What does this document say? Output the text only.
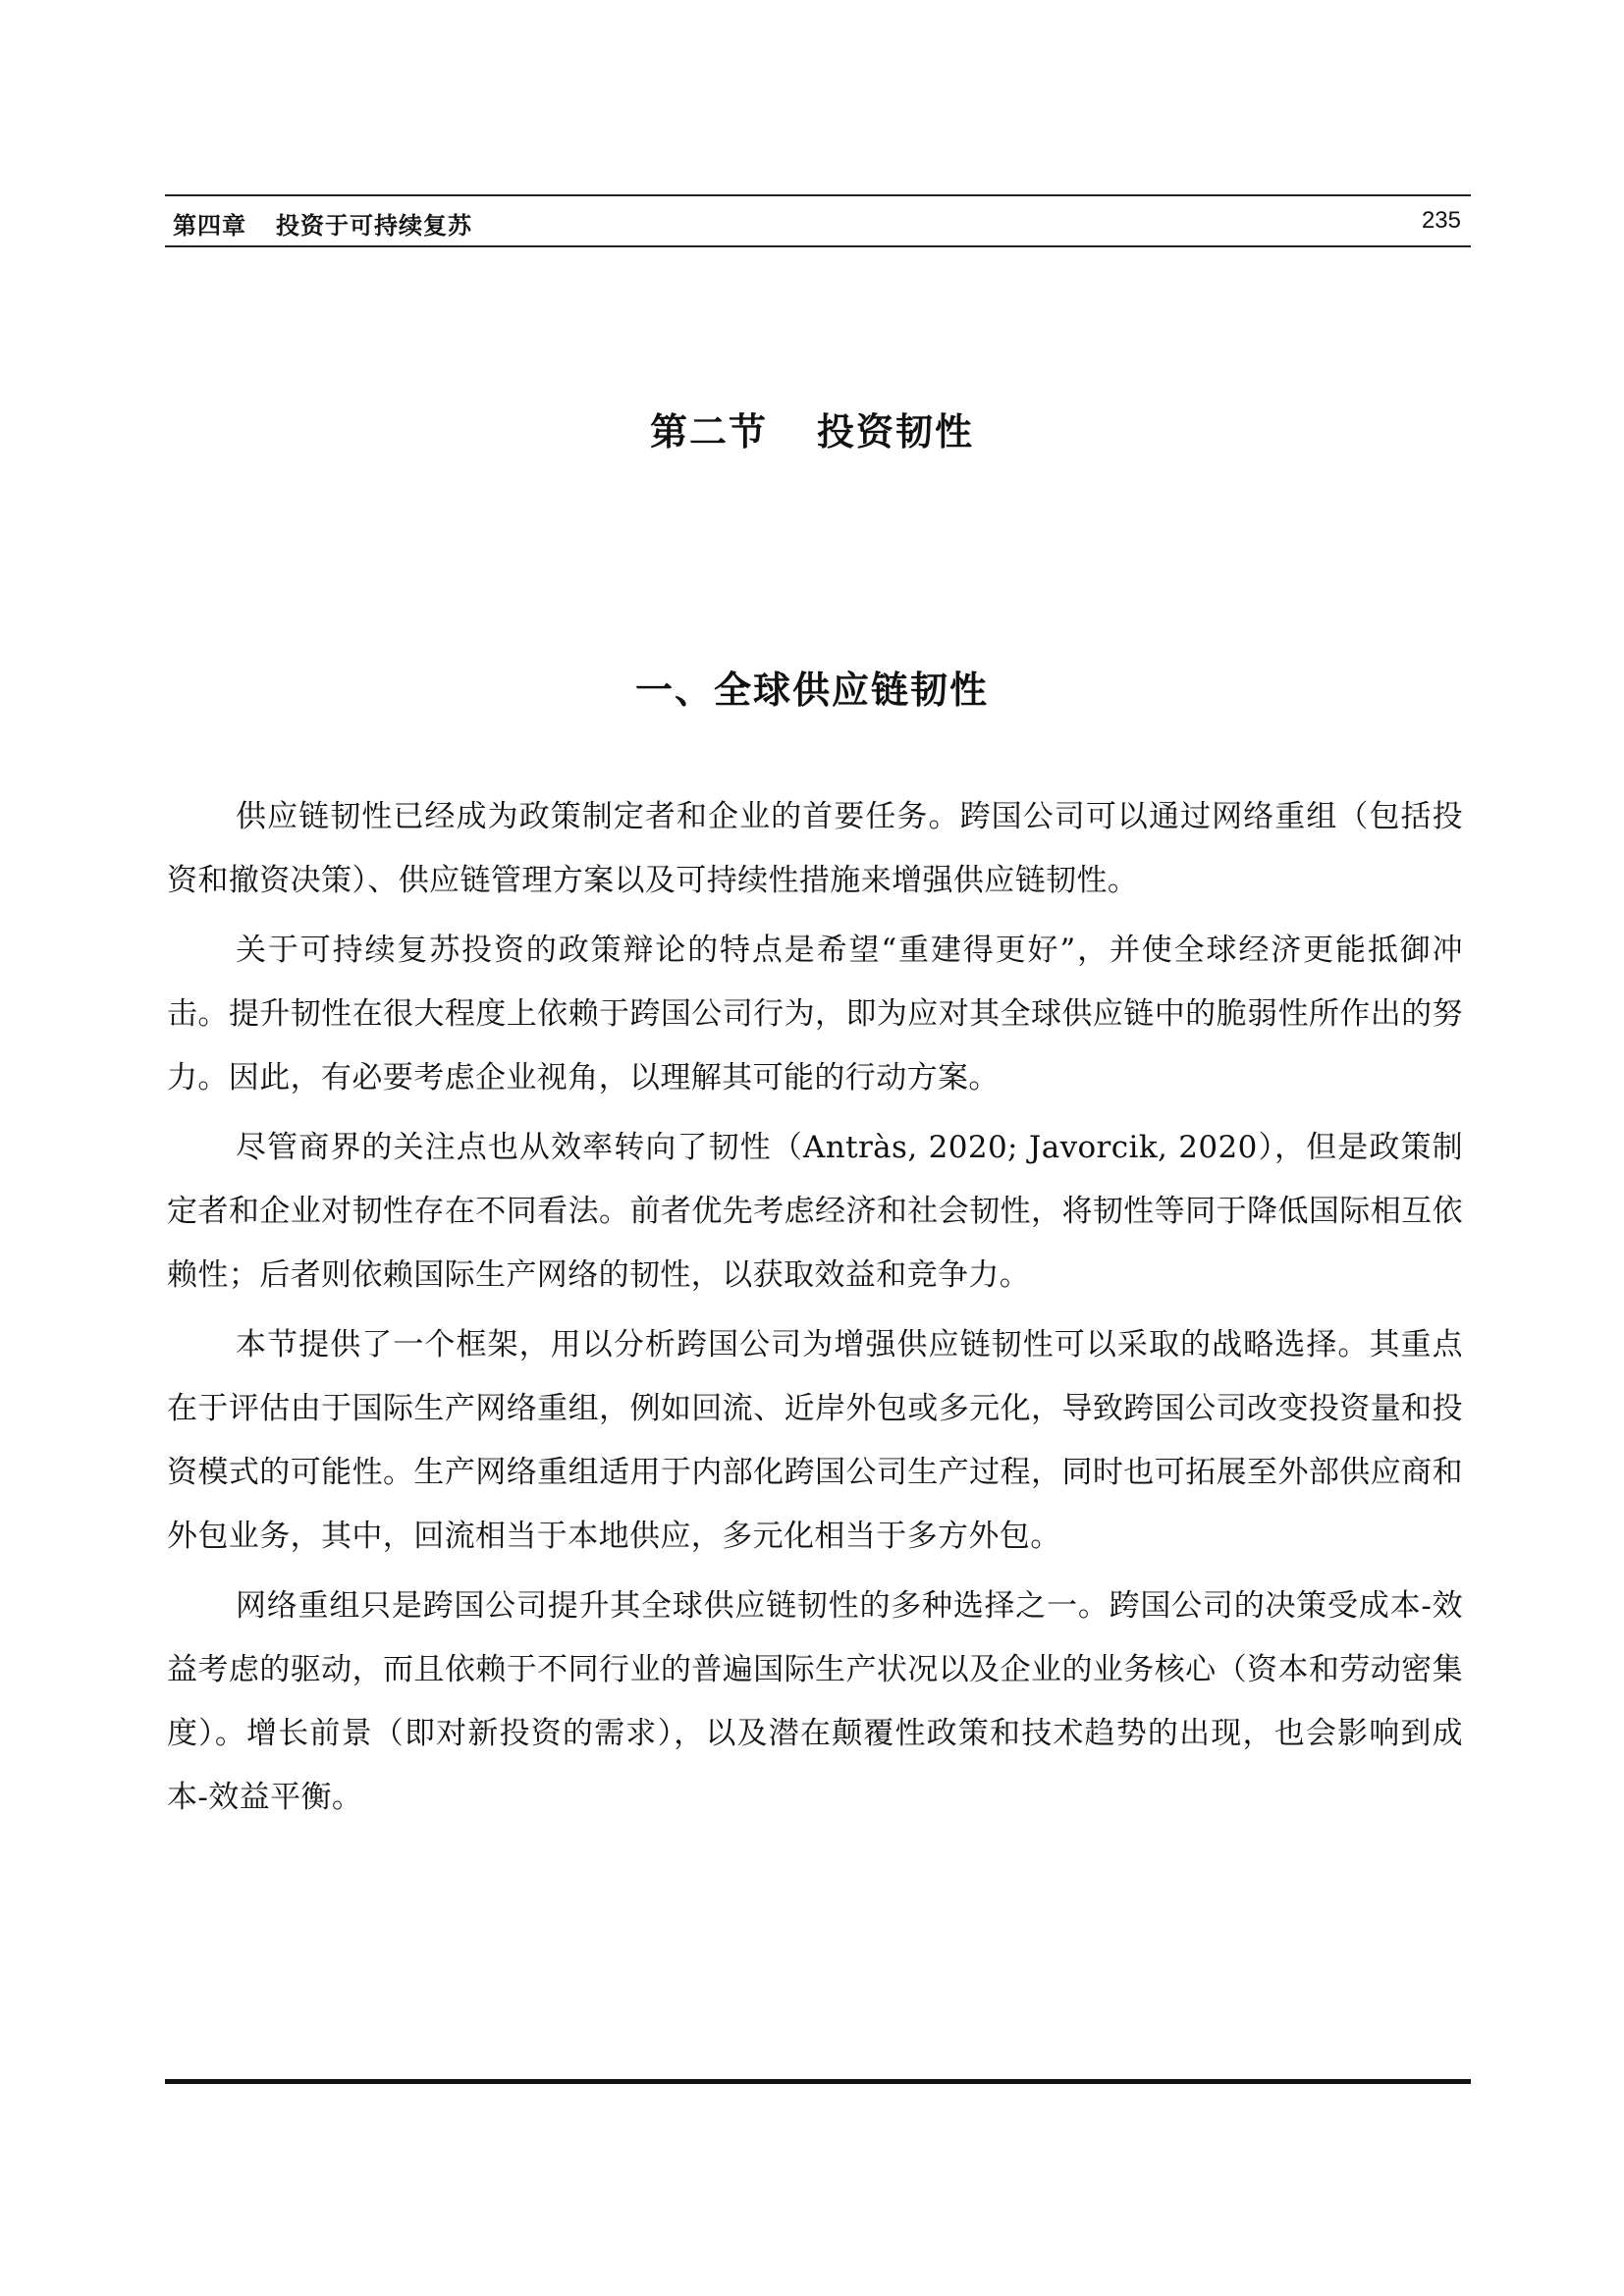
第四章 投资于可持续复苏	235
第二节 投资韧性
一、全球供应链韧性

供应链韧性已经成为政策制定者和企业的首要任务。跨国公司可以通过网络重组（包括投资和撤资决策）、供应链管理方案以及可持续性措施来增强供应链韧性。

关于可持续复苏投资的政策辩论的特点是希望“重建得更好”，并使全球经济更能抵御冲击。提升韧性在很大程度上依赖于跨国公司行为，即为应对其全球供应链中的脆弱性所作出的努力。因此，有必要考虑企业视角，以理解其可能的行动方案。

尽管商界的关注点也从效率转向了韧性（Antràs, 2020; Javorcik, 2020），但是政策制定者和企业对韧性存在不同看法。前者优先考虑经济和社会韧性，将韧性等同于降低国际相互依赖性；后者则依赖国际生产网络的韧性，以获取效益和竞争力。

本节提供了一个框架，用以分析跨国公司为增强供应链韧性可以采取的战略选择。其重点在于评估由于国际生产网络重组，例如回流、近岸外包或多元化，导致跨国公司改变投资量和投资模式的可能性。生产网络重组适用于内部化跨国公司生产过程，同时也可拓展至外部供应商和外包业务，其中，回流相当于本地供应，多元化相当于多方外包。

网络重组只是跨国公司提升其全球供应链韧性的多种选择之一。跨国公司的决策受成本-效益考虑的驱动，而且依赖于不同行业的普遍国际生产状况以及企业的业务核心（资本和劳动密集度）。增长前景（即对新投资的需求），以及潜在颠覆性政策和技术趋势的出现，也会影响到成本-效益平衡。
